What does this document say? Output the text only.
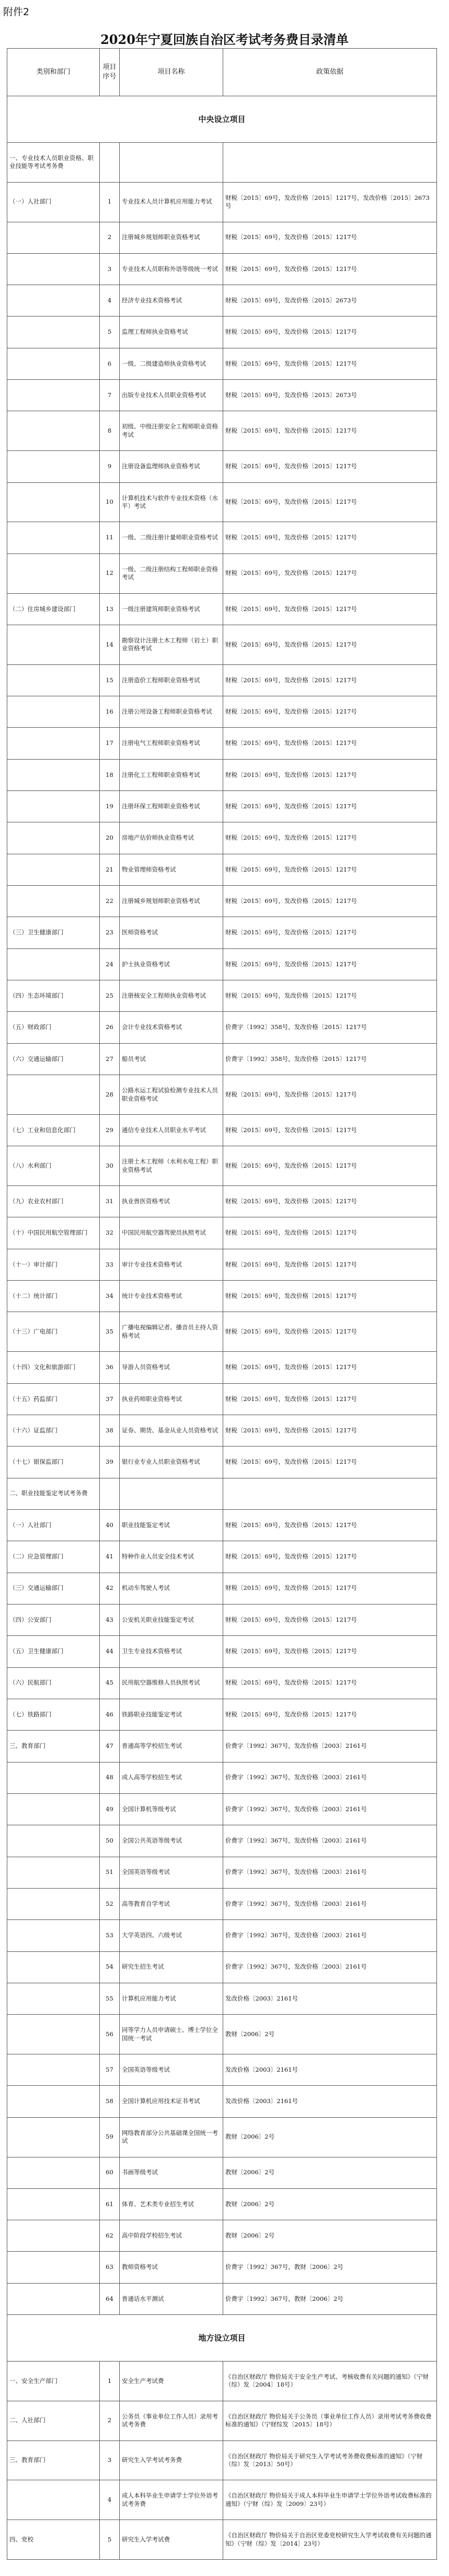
附件2
2020年宁夏回族自治区考试考务费目录清单
类别和部门	项目序号	项目名称	政策依据
中央设立项目			
一、专业技术人员职业资格、职业技能等考试考务费			
（一）人社部门	1	专业技术人员计算机应用能力考试	财税〔2015〕69号，发改价格〔2015〕1217号，发改价格〔2015〕2673号
	2	注册城乡规划师职业资格考试	财税〔2015〕69号，发改价格〔2015〕1217号
	3	专业技术人员职称外语等级统一考试	财税〔2015〕69号，发改价格〔2015〕1217号
	4	经济专业技术资格考试	财税〔2015〕69号，发改价格〔2015〕2673号
	5	监理工程师执业资格考试	财税〔2015〕69号，发改价格〔2015〕1217号
	6	一级、二级建造师执业资格考试	财税〔2015〕69号，发改价格〔2015〕1217号
	7	出版专业技术人员职业资格考试	财税〔2015〕69号，发改价格〔2015〕2673号
	8	初级、中级注册安全工程师职业资格考试	财税〔2015〕69号，发改价格〔2015〕1217号
	9	注册设备监理师执业资格考试	财税〔2015〕69号，发改价格〔2015〕1217号
	10	计算机技术与软件专业技术资格（水平）考试	财税〔2015〕69号，发改价格〔2015〕1217号
	11	一级、二级注册计量师职业资格考试	财税〔2015〕69号，发改价格〔2015〕1217号
	12	一级、二级注册结构工程师职业资格考试	财税〔2015〕69号，发改价格〔2015〕1217号
（二）住房城乡建设部门	13	一级注册建筑师职业资格考试	财税〔2015〕69号，发改价格〔2015〕1217号
	14	勘察设计注册土木工程师（岩土）职业资格考试	财税〔2015〕69号，发改价格〔2015〕1217号
	15	注册造价工程师职业资格考试	财税〔2015〕69号，发改价格〔2015〕1217号
	16	注册公用设备工程师职业资格考试	财税〔2015〕69号，发改价格〔2015〕1217号
	17	注册电气工程师职业资格考试	财税〔2015〕69号，发改价格〔2015〕1217号
	18	注册化工工程师职业资格考试	财税〔2015〕69号，发改价格〔2015〕1217号
	19	注册环保工程师职业资格考试	财税〔2015〕69号，发改价格〔2015〕1217号
	20	房地产估价师执业资格考试	财税〔2015〕69号，发改价格〔2015〕1217号
	21	物业管理师资格考试	财税〔2015〕69号，发改价格〔2015〕1217号
	22	注册城乡规划师职业资格考试	财税〔2015〕69号，发改价格〔2015〕1217号
（三）卫生健康部门	23	医师资格考试	财税〔2015〕69号，发改价格〔2015〕1217号
	24	护士执业资格考试	财税〔2015〕69号，发改价格〔2015〕1217号
（四）生态环境部门	25	注册核安全工程师执业资格考试	财税〔2015〕69号，发改价格〔2015〕1217号
（五）财政部门	26	会计专业技术资格考试	价费字〔1992〕358号，发改价格〔2015〕1217号
（六）交通运输部门	27	船员考试	价费字〔1992〕358号，发改价格〔2015〕1217号
	28	公路水运工程试验检测专业技术人员职业资格考试	财税〔2015〕69号，发改价格〔2015〕1217号
（七）工业和信息化部门	29	通信专业技术人员职业水平考试	财税〔2015〕69号，发改价格〔2015〕1217号
（八）水利部门	30	注册土木工程师（水利水电工程）职业资格考试	财税〔2015〕69号，发改价格〔2015〕1217号
（九）农业农村部门	31	执业兽医资格考试	财税〔2015〕69号，发改价格〔2015〕1217号
（十）中国民用航空管理部门	32	中国民用航空器驾驶员执照考试	财税〔2015〕69号，发改价格〔2015〕1217号
（十一）审计部门	33	审计专业技术资格考试	财税〔2015〕69号，发改价格〔2015〕1217号
（十二）统计部门	34	统计专业技术资格考试	财税〔2015〕69号，发改价格〔2015〕1217号
（十三）广电部门	35	广播电视编辑记者、播音员主持人资格考试	财税〔2015〕69号，发改价格〔2015〕1217号
（十四）文化和旅游部门	36	导游人员资格考试	财税〔2015〕69号，发改价格〔2015〕1217号
（十五）药监部门	37	执业药师职业资格考试	财税〔2015〕69号，发改价格〔2015〕1217号
（十六）证监部门	38	证券、期货、基金从业人员资格考试	财税〔2015〕69号，发改价格〔2015〕1217号
（十七）银保监部门	39	银行业专业人员职业资格考试	财税〔2015〕69号，发改价格〔2015〕1217号
二、职业技能鉴定考试考务费			
（一）人社部门	40	职业技能鉴定考试	财税〔2015〕69号，发改价格〔2015〕1217号
（二）应急管理部门	41	特种作业人员安全技术考试	财税〔2015〕69号，发改价格〔2015〕1217号
（三）交通运输部门	42	机动车驾驶人考试	财税〔2015〕69号，发改价格〔2015〕1217号
（四）公安部门	43	公安机关职业技能鉴定考试	财税〔2015〕69号，发改价格〔2015〕1217号
（五）卫生健康部门	44	卫生专业技术资格考试	财税〔2015〕69号，发改价格〔2015〕1217号
（六）民航部门	45	民用航空器维修人员执照考试	财税〔2015〕69号，发改价格〔2015〕1217号
（七）铁路部门	46	铁路职业技能鉴定考试	财税〔2015〕69号，发改价格〔2015〕1217号
三、教育部门	47	普通高等学校招生考试	价费字〔1992〕367号，发改价格〔2003〕2161号
	48	成人高等学校招生考试	价费字〔1992〕367号，发改价格〔2003〕2161号
	49	全国计算机等级考试	价费字〔1992〕367号，发改价格〔2003〕2161号
	50	全国公共英语等级考试	价费字〔1992〕367号，发改价格〔2003〕2161号
	51	全国英语等级考试	价费字〔1992〕367号，发改价格〔2003〕2161号
	52	高等教育自学考试	价费字〔1992〕367号，发改价格〔2003〕2161号
	53	大学英语四、六级考试	价费字〔1992〕367号，发改价格〔2003〕2161号
	54	研究生招生考试	价费字〔1992〕367号，发改价格〔2003〕2161号
	55	计算机应用能力考试	发改价格〔2003〕2161号
	56	同等学力人员申请硕士、博士学位全国统一考试	教财〔2006〕2号
	57	全国英语等级考试	发改价格〔2003〕2161号
	58	全国计算机应用技术证书考试	发改价格〔2003〕2161号
	59	网络教育部分公共基础课全国统一考试	教财〔2006〕2号
	60	书画等级考试	教财〔2006〕2号
	61	体育、艺术类专业招生考试	教财〔2006〕2号
	62	高中阶段学校招生考试	教财〔2006〕2号
	63	教师资格考试	价费字〔1992〕367号，教财〔2006〕2号
	64	普通话水平测试	价费字〔1992〕367号，教财〔2006〕2号
地方设立项目			
一、安全生产部门	1	安全生产考试费	《自治区财政厅 物价局关于安全生产考试、考核收费有关问题的通知》（宁财（综）发〔2004〕18号）
二、人社部门	2	公务员（事业单位工作人员）录用考试考务费	《自治区财政厅 物价局关于公务员（事业单位工作人员）录用考试考务费收费标准的通知》（宁财综发〔2015〕18号）
三、教育部门	3	研究生入学考试考务费	《自治区财政厅 物价局关于研究生入学考试考务费收费标准的通知》（宁财（综）发〔2013〕50号）
	4	成人本科毕业生申请学士学位外语考试考务费	《自治区财政厅 物价局关于成人本科毕业生申请学士学位外语考试收费标准的通知》（宁财（综）发〔2009〕23号）
四、党校	5	研究生入学考试费	《自治区财政厅 物价局关于自治区党委党校研究生入学考试收费有关问题的通知》（宁财（综）发〔2014〕23号）
